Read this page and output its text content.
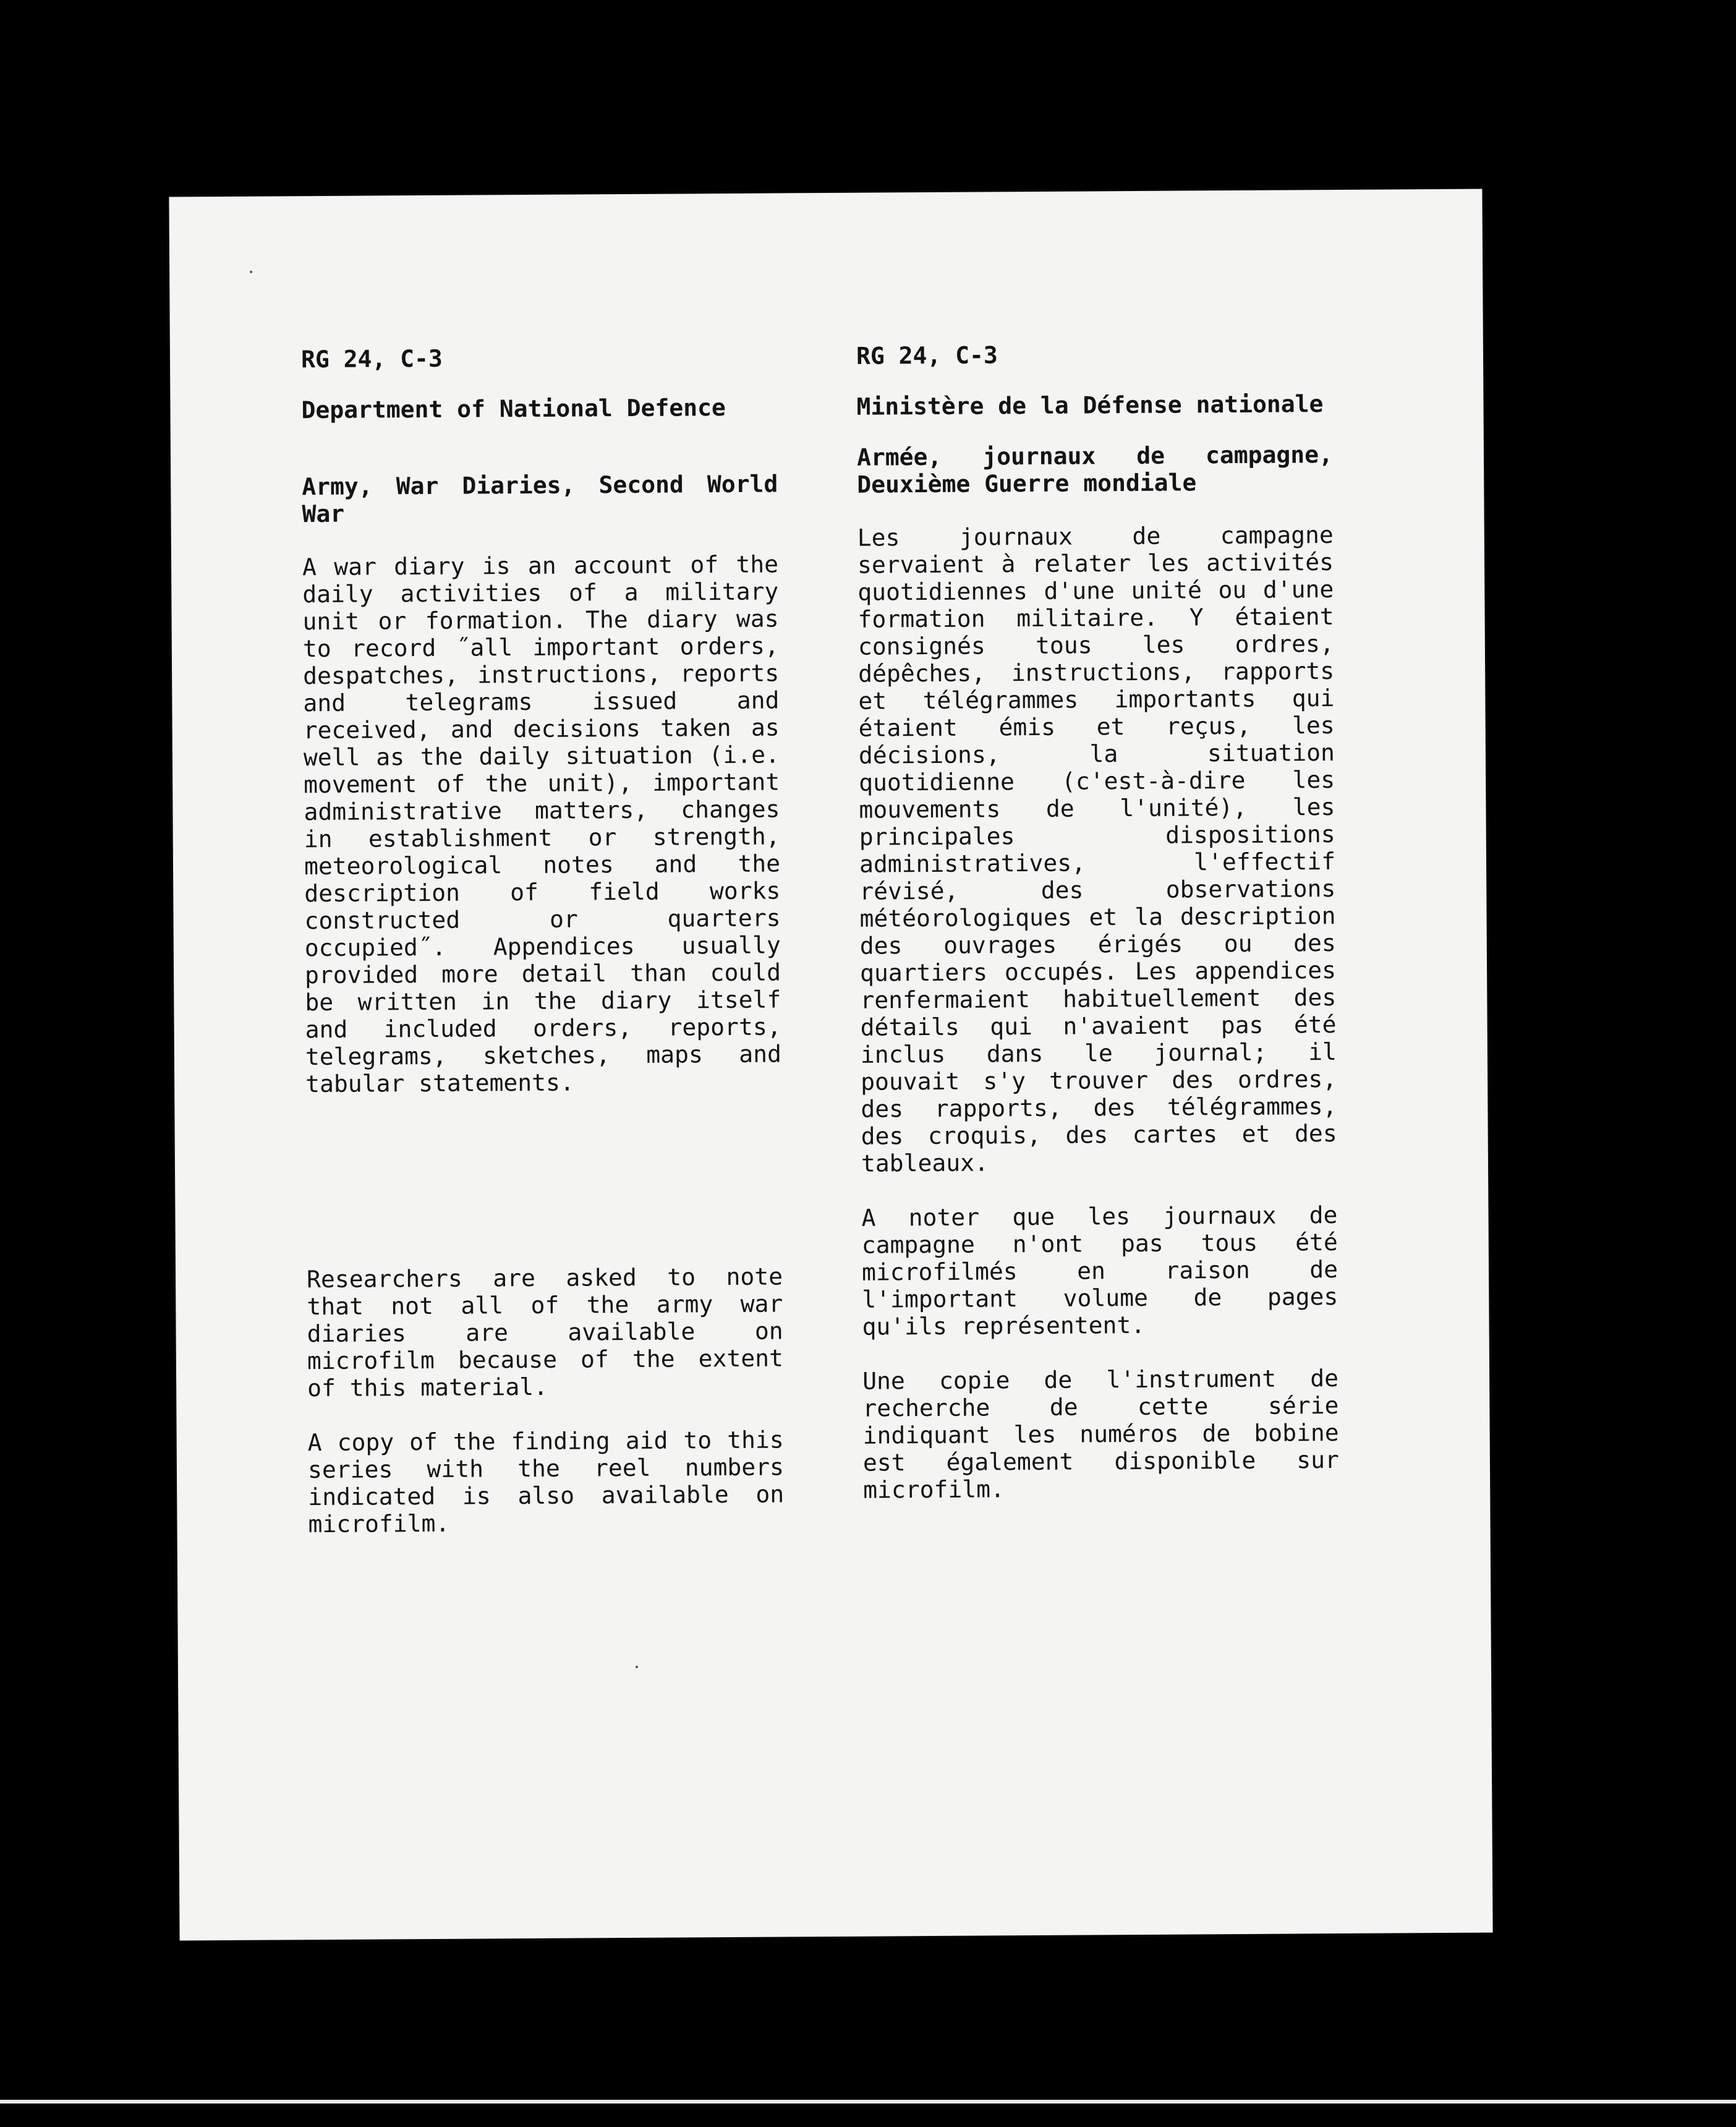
RG 24, C-3

Department of National Defence

Army, War Diaries, Second World War

A war diary is an account of the daily activities of a military unit or formation. The diary was to record ˝all important orders, despatches, instructions, reports and telegrams issued and received, and decisions taken as well as the daily situation (i.e. movement of the unit), important administrative matters, changes in establishment or strength, meteorological notes and the description of field works constructed or quarters occupied˝. Appendices usually provided more detail than could be written in the diary itself and included orders, reports, telegrams, sketches, maps and tabular statements.

Researchers are asked to note that not all of the army war diaries are available on microfilm because of the extent of this material.

A copy of the finding aid to this series with the reel numbers indicated is also available on microfilm.

RG 24, C-3

Ministère de la Défense nationale

Armée, journaux de campagne, Deuxième Guerre mondiale

Les journaux de campagne servaient à relater les activités quotidiennes d'une unité ou d'une formation militaire. Y étaient consignés tous les ordres, dépêches, instructions, rapports et télégrammes importants qui étaient émis et reçus, les décisions, la situation quotidienne (c'est-à-dire les mouvements de l'unité), les principales dispositions administratives, l'effectif révisé, des observations météorologiques et la description des ouvrages érigés ou des quartiers occupés. Les appendices renfermaient habituellement des détails qui n'avaient pas été inclus dans le journal; il pouvait s'y trouver des ordres, des rapports, des télégrammes, des croquis, des cartes et des tableaux.

A noter que les journaux de campagne n'ont pas tous été microfilmés en raison de l'important volume de pages qu'ils représentent.

Une copie de l'instrument de recherche de cette série indiquant les numéros de bobine est également disponible sur microfilm.
